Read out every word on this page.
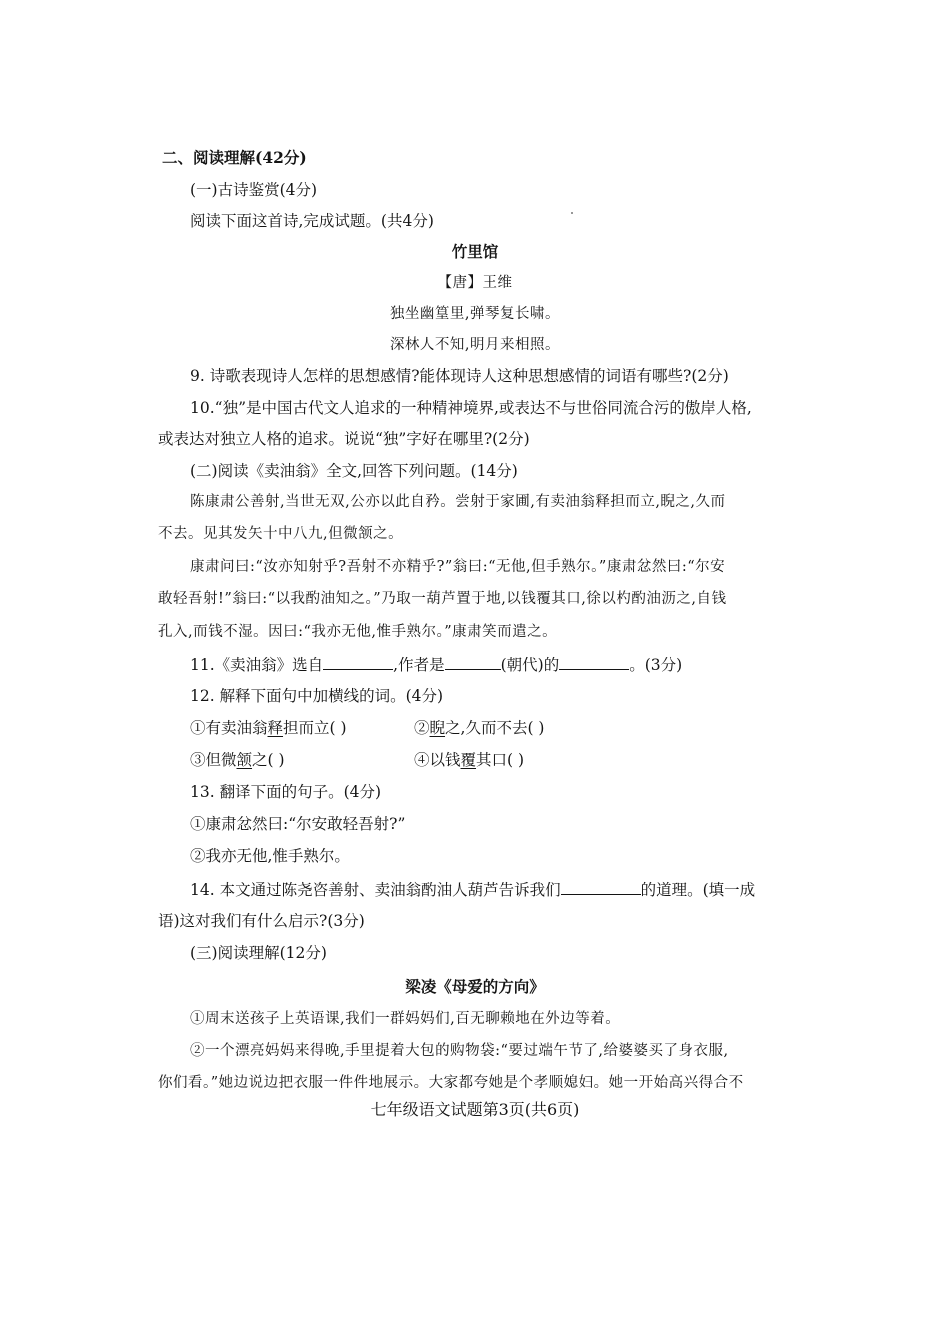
二、阅读理解(42分)
(一)古诗鉴赏(4分)
阅读下面这首诗,完成试题。(共4分)
竹里馆
【唐】王维
独坐幽篁里,弹琴复长啸。
深林人不知,明月来相照。
9. 诗歌表现诗人怎样的思想感情?能体现诗人这种思想感情的词语有哪些?(2分)
10.“独”是中国古代文人追求的一种精神境界,或表达不与世俗同流合污的傲岸人格,
或表达对独立人格的追求。说说“独”字好在哪里?(2分)
(二)阅读《卖油翁》全文,回答下列问题。(14分)
陈康肃公善射,当世无双,公亦以此自矜。尝射于家圃,有卖油翁释担而立,睨之,久而
不去。见其发矢十中八九,但微颔之。
康肃问曰:“汝亦知射乎?吾射不亦精乎?”翁曰:“无他,但手熟尔。”康肃忿然曰:“尔安
敢轻吾射!”翁曰:“以我酌油知之。”乃取一葫芦置于地,以钱覆其口,徐以杓酌油沥之,自钱
孔入,而钱不湿。因曰:“我亦无他,惟手熟尔。”康肃笑而遣之。
11.《卖油翁》选自	,作者是	(朝代)的	。(3分)
12. 解释下面句中加横线的词。(4分)
①有卖油翁释担而立( )	②睨之,久而不去( )
③但微颔之( )	④以钱覆其口( )
13. 翻译下面的句子。(4分)
①康肃忿然曰:“尔安敢轻吾射?”
②我亦无他,惟手熟尔。
14. 本文通过陈尧咨善射、卖油翁酌油人葫芦告诉我们	的道理。(填一成
语)这对我们有什么启示?(3分)
(三)阅读理解(12分)
梁凌《母爱的方向》
①周末送孩子上英语课,我们一群妈妈们,百无聊赖地在外边等着。
②一个漂亮妈妈来得晚,手里提着大包的购物袋:“要过端午节了,给婆婆买了身衣服,
你们看。”她边说边把衣服一件件地展示。大家都夸她是个孝顺媳妇。她一开始高兴得合不
七年级语文试题第3页(共6页)
